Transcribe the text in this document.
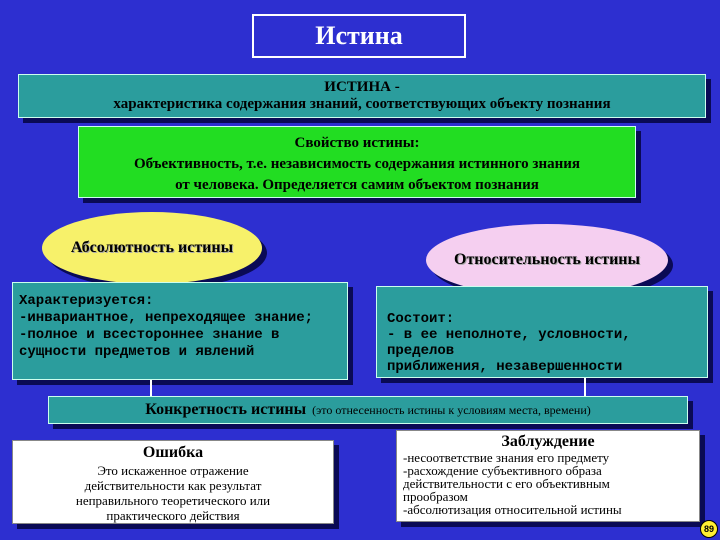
Истина
ИСТИНА -
характеристика содержания знаний, соответствующих объекту познания
Свойство истины:
Объективность, т.е. независимость содержания истинного знания
от человека. Определяется самим объектом познания
Абсолютность истины
Относительность истины
Характеризуется:
-инвариантное, непреходящее знание;
-полное и всестороннее знание в
сущности предметов и явлений
Состоит:
- в ее неполноте, условности, пределов
приближения, незавершенности
Конкретность истины (это отнесенность истины к условиям места, времени)
Ошибка
Это искаженное отражение
действительности как результат
неправильного теоретического или
практического действия
Заблуждение
-несоответствие знания его предмету
-расхождение субъективного образа
действительности с его объективным
прообразом
-абсолютизация относительной истины
89
